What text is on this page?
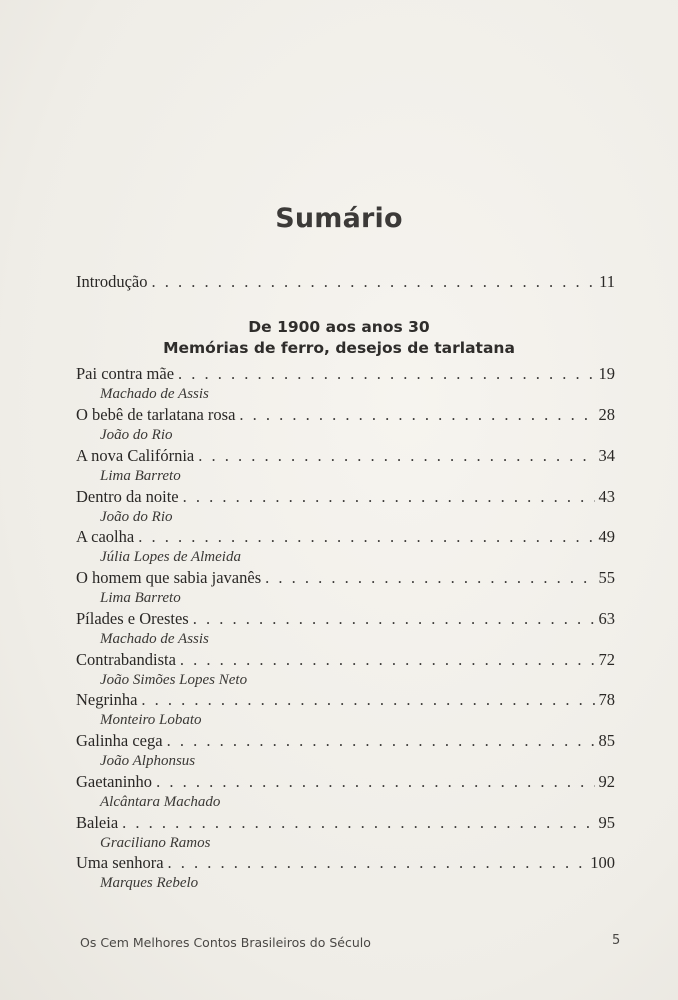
Sumário
Introdução . . .	11
De 1900 aos anos 30
Memórias de ferro, desejos de tarlatana
Pai contra mãe . . .	19
Machado de Assis
O bebê de tarlatana rosa . . .	28
João do Rio
A nova Califórnia . . .	34
Lima Barreto
Dentro da noite . . .	43
João do Rio
A caolha . . .	49
Júlia Lopes de Almeida
O homem que sabia javanês . . .	55
Lima Barreto
Pílades e Orestes . . .	63
Machado de Assis
Contrabandista . . .	72
João Simões Lopes Neto
Negrinha . . .	78
Monteiro Lobato
Galinha cega . . .	85
João Alphonsus
Gaetaninho . . .	92
Alcântara Machado
Baleia . . .	95
Graciliano Ramos
Uma senhora . . .	100
Marques Rebelo
Os Cem Melhores Contos Brasileiros do Século	5
